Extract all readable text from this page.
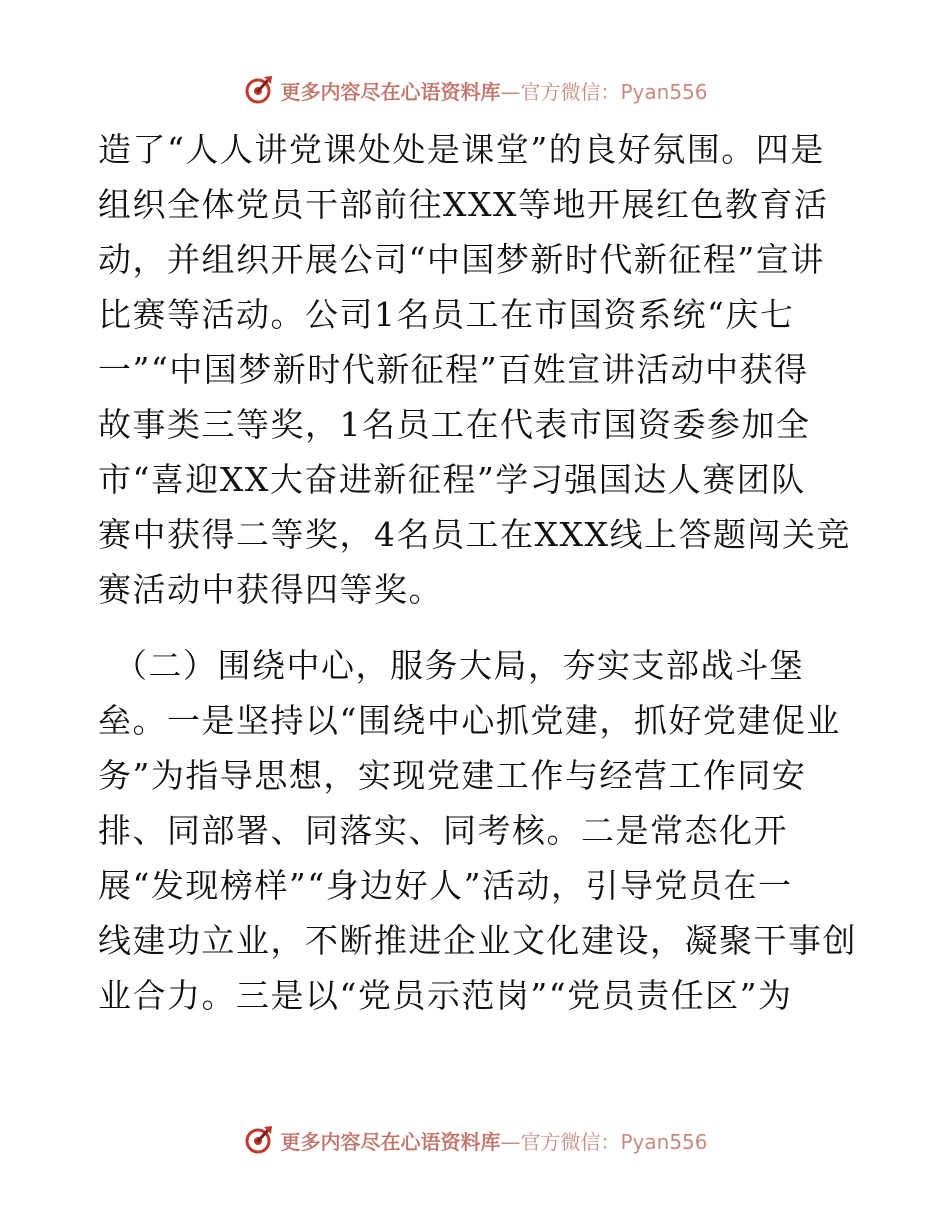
更多内容尽在心语资料库—官方微信：Pyan556
造了“人人讲党课处处是课堂”的良好氛围。四是
组织全体党员干部前往XXX等地开展红色教育活
动，并组织开展公司“中国梦新时代新征程”宣讲
比赛等活动。公司1名员工在市国资系统“庆七
一”“中国梦新时代新征程”百姓宣讲活动中获得
故事类三等奖，1名员工在代表市国资委参加全
市“喜迎XX大奋进新征程”学习强国达人赛团队
赛中获得二等奖，4名员工在XXX线上答题闯关竞
赛活动中获得四等奖。
（二）围绕中心，服务大局，夯实支部战斗堡
垒。一是坚持以“围绕中心抓党建，抓好党建促业
务”为指导思想，实现党建工作与经营工作同安
排、同部署、同落实、同考核。二是常态化开
展“发现榜样”“身边好人”活动，引导党员在一
线建功立业，不断推进企业文化建设，凝聚干事创
业合力。三是以“党员示范岗”“党员责任区”为
更多内容尽在心语资料库—官方微信：Pyan556
